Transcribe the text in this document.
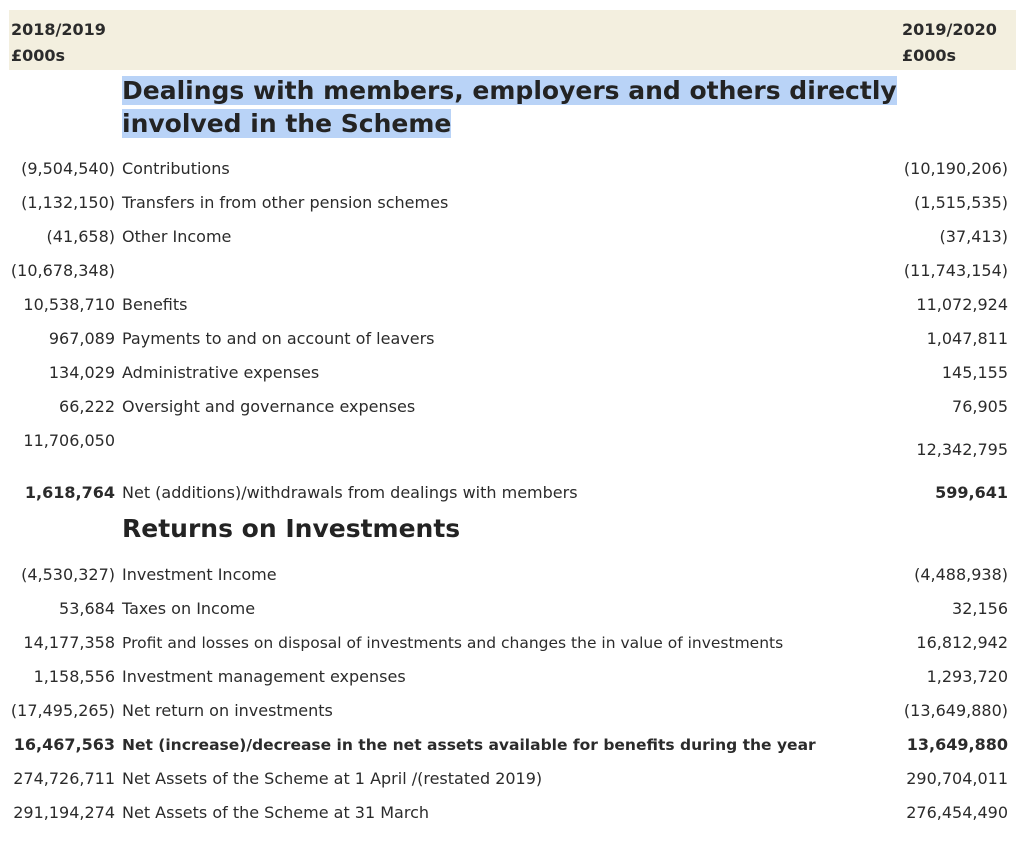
2018/2019
£000s
2019/2020
£000s
Dealings with members, employers and others directly
involved in the Scheme
(9,504,540) Contributions	(10,190,206)
(1,132,150) Transfers in from other pension schemes	(1,515,535)
(41,658) Other Income	(37,413)
(10,678,348)	(11,743,154)
10,538,710 Benefits	11,072,924
967,089 Payments to and on account of leavers	1,047,811
134,029 Administrative expenses	145,155
66,222 Oversight and governance expenses	76,905
11,706,050	12,342,795
1,618,764 Net (additions)/withdrawals from dealings with members	599,641
Returns on Investments
(4,530,327) Investment Income	(4,488,938)
53,684 Taxes on Income	32,156
14,177,358 Profit and losses on disposal of investments and changes the in value of investments	16,812,942
1,158,556 Investment management expenses	1,293,720
(17,495,265) Net return on investments	(13,649,880)
16,467,563 Net (increase)/decrease in the net assets available for benefits during the year	13,649,880
274,726,711 Net Assets of the Scheme at 1 April /(restated 2019)	290,704,011
291,194,274 Net Assets of the Scheme at 31 March	276,454,490
